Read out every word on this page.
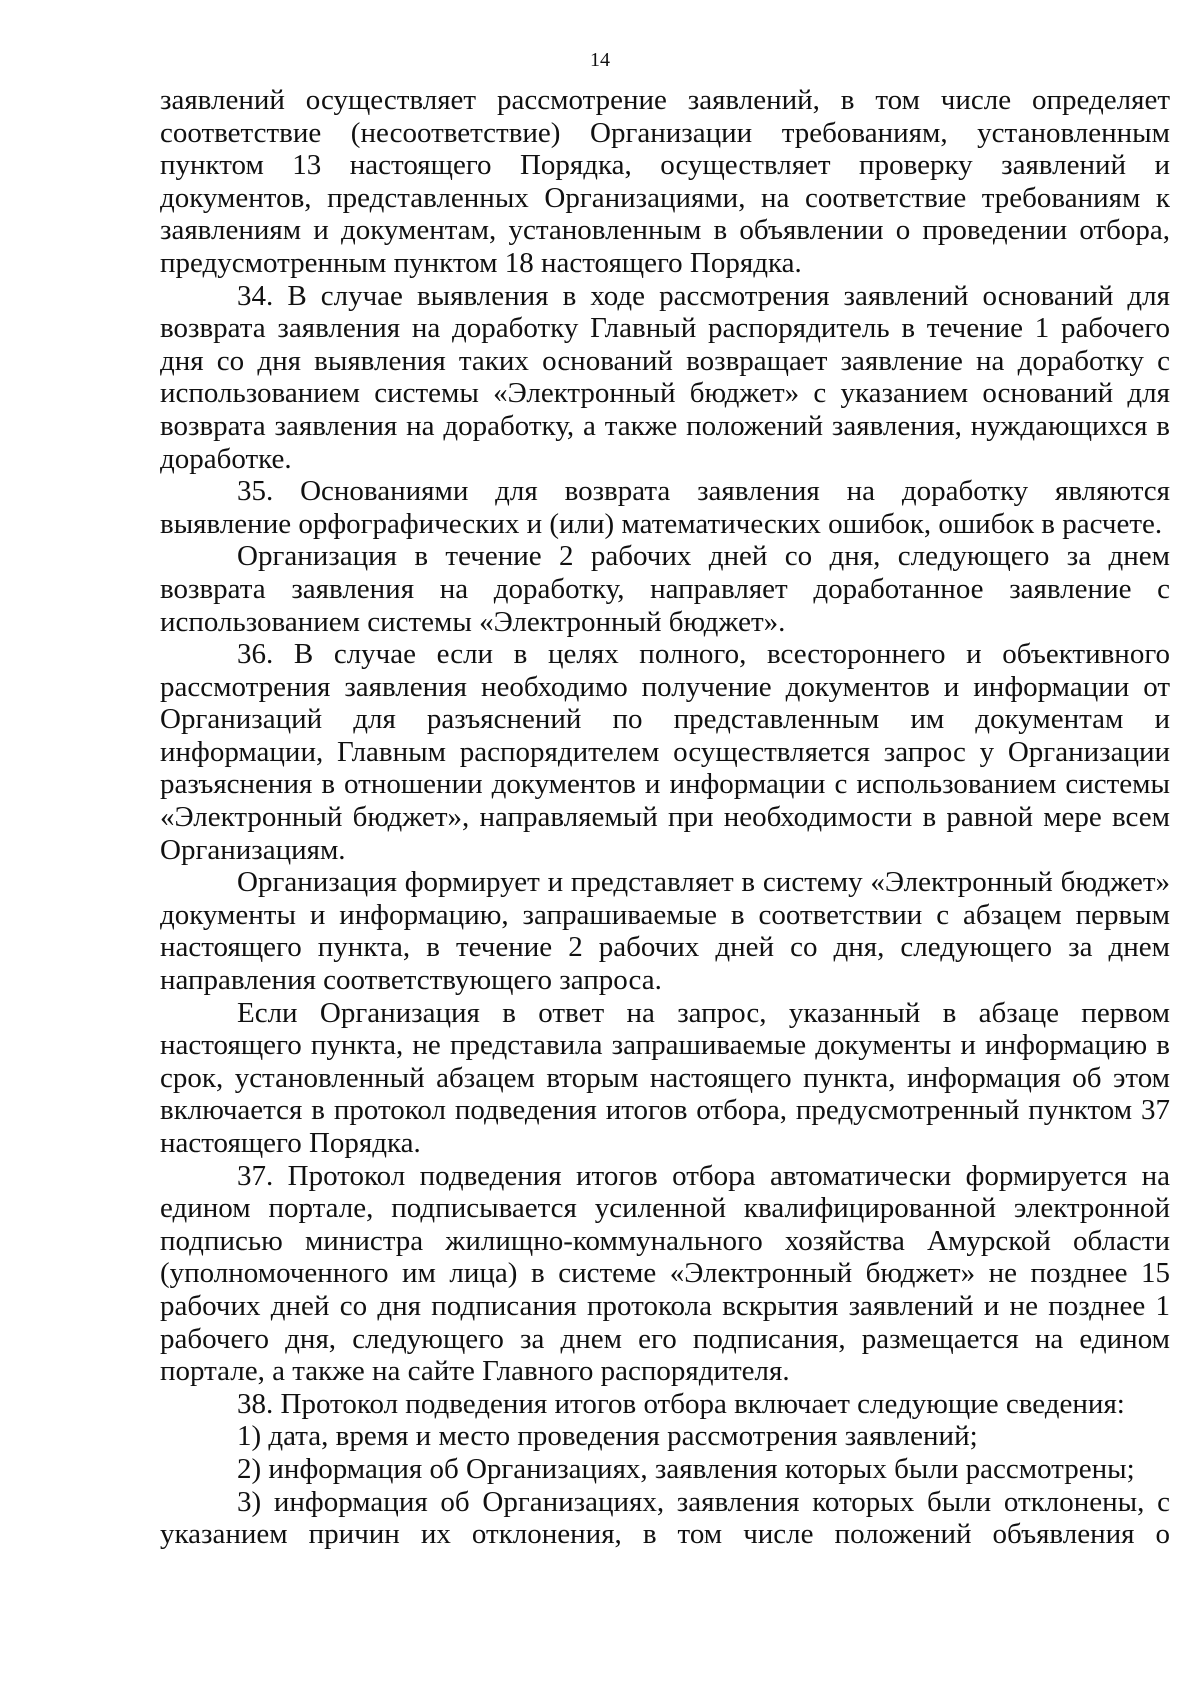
14

заявлений осуществляет рассмотрение заявлений, в том числе определяет соответствие (несоответствие) Организации требованиям, установленным пунктом 13 настоящего Порядка, осуществляет проверку заявлений и документов, представленных Организациями, на соответствие требованиям к заявлениям и документам, установленным в объявлении о проведении отбора, предусмотренным пунктом 18 настоящего Порядка.

34. В случае выявления в ходе рассмотрения заявлений оснований для возврата заявления на доработку Главный распорядитель в течение 1 рабочего дня со дня выявления таких оснований возвращает заявление на доработку с использованием системы «Электронный бюджет» с указанием оснований для возврата заявления на доработку, а также положений заявления, нуждающихся в доработке.

35. Основаниями для возврата заявления на доработку являются выявление орфографических и (или) математических ошибок, ошибок в расчете.

Организация в течение 2 рабочих дней со дня, следующего за днем возврата заявления на доработку, направляет доработанное заявление с использованием системы «Электронный бюджет».

36. В случае если в целях полного, всестороннего и объективного рассмотрения заявления необходимо получение документов и информации от Организаций для разъяснений по представленным им документам и информации, Главным распорядителем осуществляется запрос у Организации разъяснения в отношении документов и информации с использованием системы «Электронный бюджет», направляемый при необходимости в равной мере всем Организациям.

Организация формирует и представляет в систему «Электронный бюджет» документы и информацию, запрашиваемые в соответствии с абзацем первым настоящего пункта, в течение 2 рабочих дней со дня, следующего за днем направления соответствующего запроса.

Если Организация в ответ на запрос, указанный в абзаце первом настоящего пункта, не представила запрашиваемые документы и информацию в срок, установленный абзацем вторым настоящего пункта, информация об этом включается в протокол подведения итогов отбора, предусмотренный пунктом 37 настоящего Порядка.

37. Протокол подведения итогов отбора автоматически формируется на едином портале, подписывается усиленной квалифицированной электронной подписью министра жилищно-коммунального хозяйства Амурской области (уполномоченного им лица) в системе «Электронный бюджет» не позднее 15 рабочих дней со дня подписания протокола вскрытия заявлений и не позднее 1 рабочего дня, следующего за днем его подписания, размещается на едином портале, а также на сайте Главного распорядителя.

38. Протокол подведения итогов отбора включает следующие сведения:

1) дата, время и место проведения рассмотрения заявлений;

2) информация об Организациях, заявления которых были рассмотрены;

3) информация об Организациях, заявления которых были отклонены, с указанием причин их отклонения, в том числе положений объявления о
